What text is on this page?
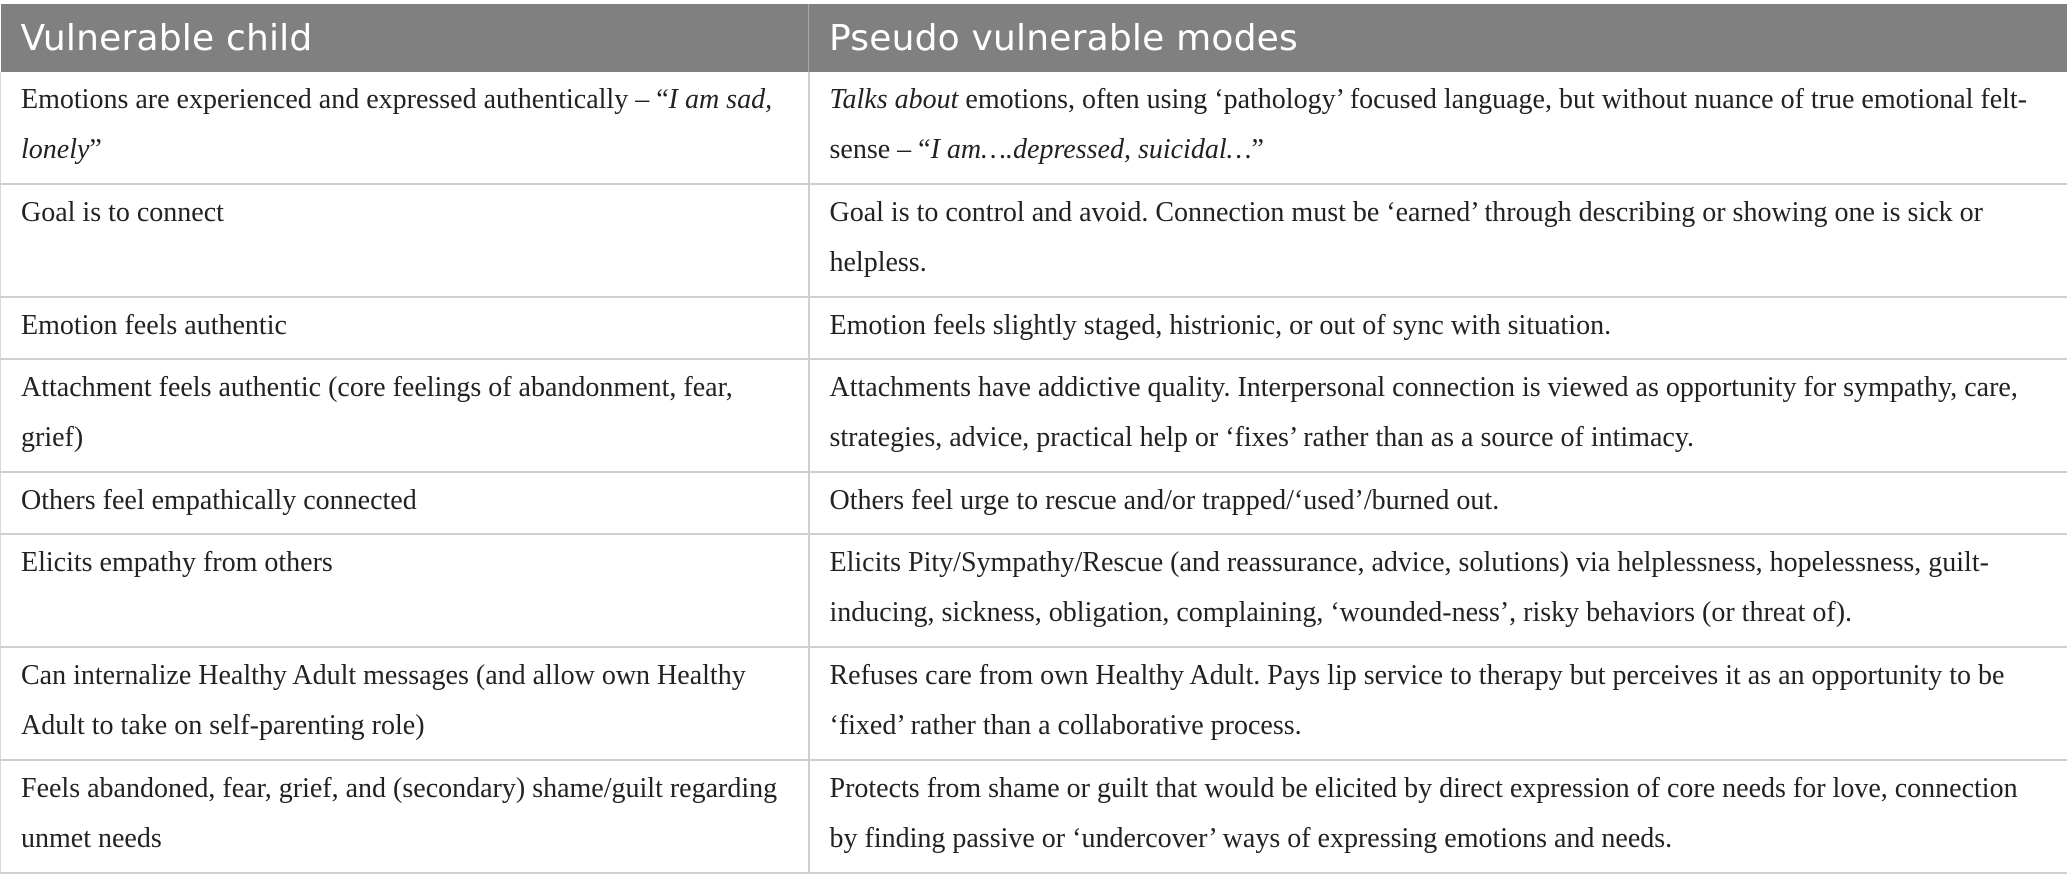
Vulnerable child	Pseudo vulnerable modes
Emotions are experienced and expressed authentically – “I am sad, lonely”	Talks about emotions, often using ‘pathology’ focused language, but without nuance of true emotional felt-sense – “I am….depressed, suicidal…”
Goal is to connect	Goal is to control and avoid. Connection must be ‘earned’ through describing or showing one is sick or helpless.
Emotion feels authentic	Emotion feels slightly staged, histrionic, or out of sync with situation.
Attachment feels authentic (core feelings of abandonment, fear, grief)	Attachments have addictive quality. Interpersonal connection is viewed as opportunity for sympathy, care, strategies, advice, practical help or ‘fixes’ rather than as a source of intimacy.
Others feel empathically connected	Others feel urge to rescue and/or trapped/‘used’/burned out.
Elicits empathy from others	Elicits Pity/Sympathy/Rescue (and reassurance, advice, solutions) via helplessness, hopelessness, guilt-inducing, sickness, obligation, complaining, ‘wounded-ness’, risky behaviors (or threat of).
Can internalize Healthy Adult messages (and allow own Healthy Adult to take on self-parenting role)	Refuses care from own Healthy Adult. Pays lip service to therapy but perceives it as an opportunity to be ‘fixed’ rather than a collaborative process.
Feels abandoned, fear, grief, and (secondary) shame/guilt regarding unmet needs	Protects from shame or guilt that would be elicited by direct expression of core needs for love, connection by finding passive or ‘undercover’ ways of expressing emotions and needs.
